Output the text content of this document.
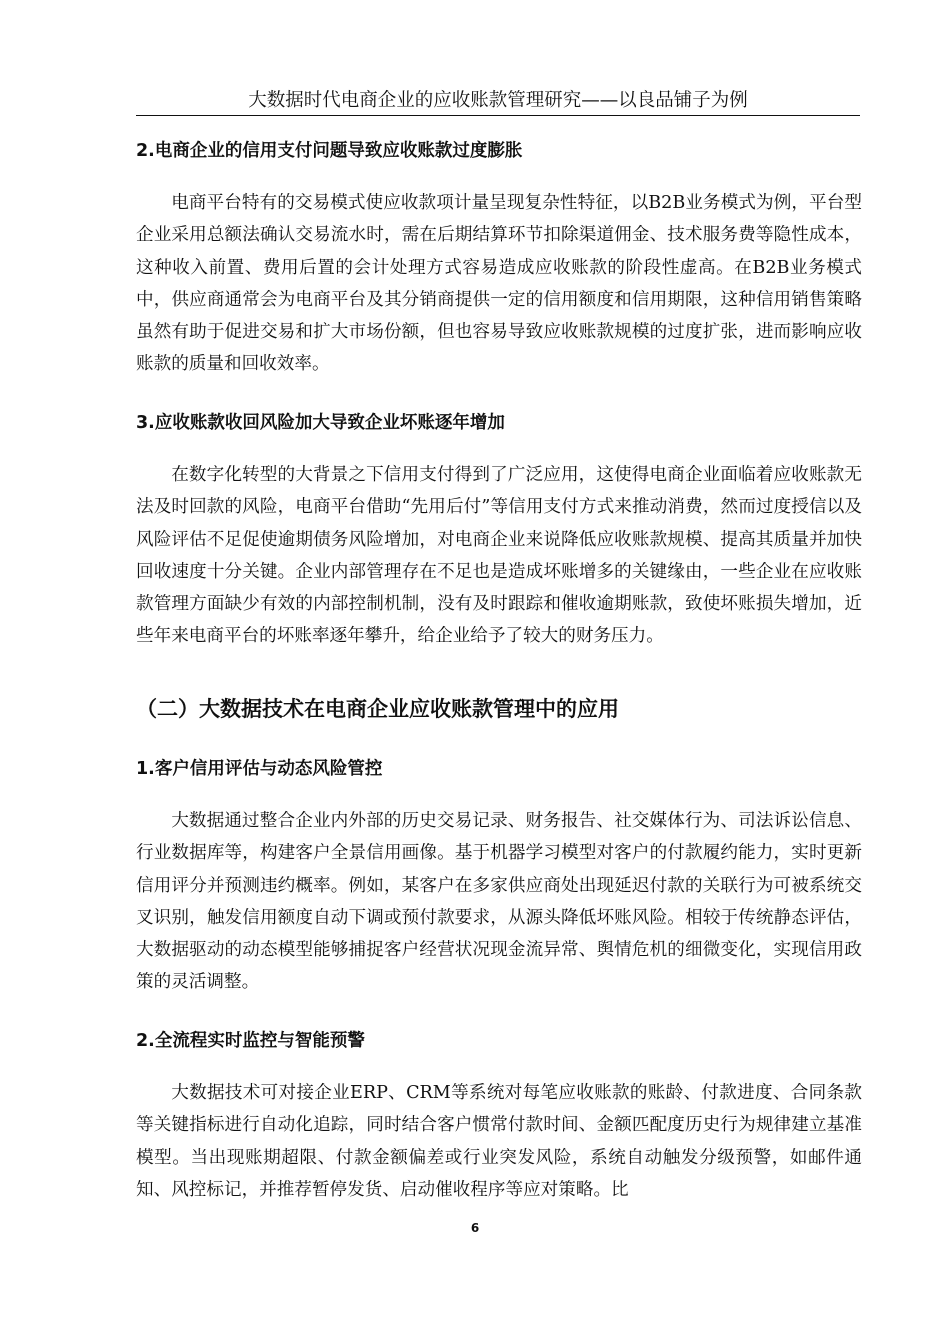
大数据时代电商企业的应收账款管理研究——以良品铺子为例
2.电商企业的信用支付问题导致应收账款过度膨胀

电商平台特有的交易模式使应收款项计量呈现复杂性特征，以B2B业务模式为例，平台型企业采用总额法确认交易流水时，需在后期结算环节扣除渠道佣金、技术服务费等隐性成本，这种收入前置、费用后置的会计处理方式容易造成应收账款的阶段性虚高。在B2B业务模式中，供应商通常会为电商平台及其分销商提供一定的信用额度和信用期限，这种信用销售策略虽然有助于促进交易和扩大市场份额，但也容易导致应收账款规模的过度扩张，进而影响应收账款的质量和回收效率。

3.应收账款收回风险加大导致企业坏账逐年增加

在数字化转型的大背景之下信用支付得到了广泛应用，这使得电商企业面临着应收账款无法及时回款的风险，电商平台借助“先用后付”等信用支付方式来推动消费，然而过度授信以及风险评估不足促使逾期债务风险增加，对电商企业来说降低应收账款规模、提高其质量并加快回收速度十分关键。企业内部管理存在不足也是造成坏账增多的关键缘由，一些企业在应收账款管理方面缺少有效的内部控制机制，没有及时跟踪和催收逾期账款，致使坏账损失增加，近些年来电商平台的坏账率逐年攀升，给企业给予了较大的财务压力。

（二）大数据技术在电商企业应收账款管理中的应用
1.客户信用评估与动态风险管控

大数据通过整合企业内外部的历史交易记录、财务报告、社交媒体行为、司法诉讼信息、行业数据库等，构建客户全景信用画像。基于机器学习模型对客户的付款履约能力，实时更新信用评分并预测违约概率。例如，某客户在多家供应商处出现延迟付款的关联行为可被系统交叉识别，触发信用额度自动下调或预付款要求，从源头降低坏账风险。相较于传统静态评估，大数据驱动的动态模型能够捕捉客户经营状况现金流异常、舆情危机的细微变化，实现信用政策的灵活调整。

2.全流程实时监控与智能预警

大数据技术可对接企业ERP、CRM等系统对每笔应收账款的账龄、付款进度、合同条款等关键指标进行自动化追踪，同时结合客户惯常付款时间、金额匹配度历史行为规律建立基准模型。当出现账期超限、付款金额偏差或行业突发风险，系统自动触发分级预警，如邮件通知、风控标记，并推荐暂停发货、启动催收程序等应对策略。比

6
